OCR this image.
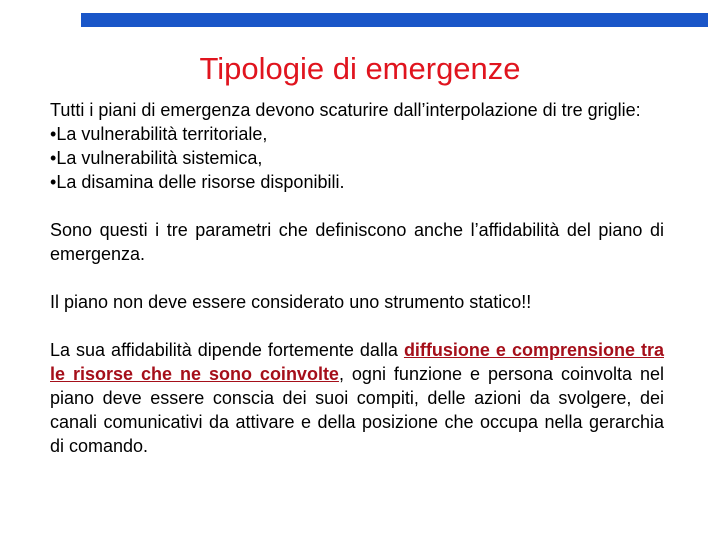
Tipologie di emergenze

Tutti i piani di emergenza devono scaturire dall’interpolazione di tre griglie:

•La vulnerabilità territoriale,
•La vulnerabilità sistemica,
•La disamina delle risorse disponibili.

Sono questi i tre parametri che definiscono anche l’affidabilità del piano di emergenza.

Il piano non deve essere considerato uno strumento statico!!

La sua affidabilità dipende fortemente dalla diffusione e comprensione tra le risorse che ne sono coinvolte, ogni funzione e persona coinvolta nel piano deve essere conscia dei suoi compiti, delle azioni da svolgere, dei canali comunicativi da attivare e della posizione che occupa nella gerarchia di comando.
